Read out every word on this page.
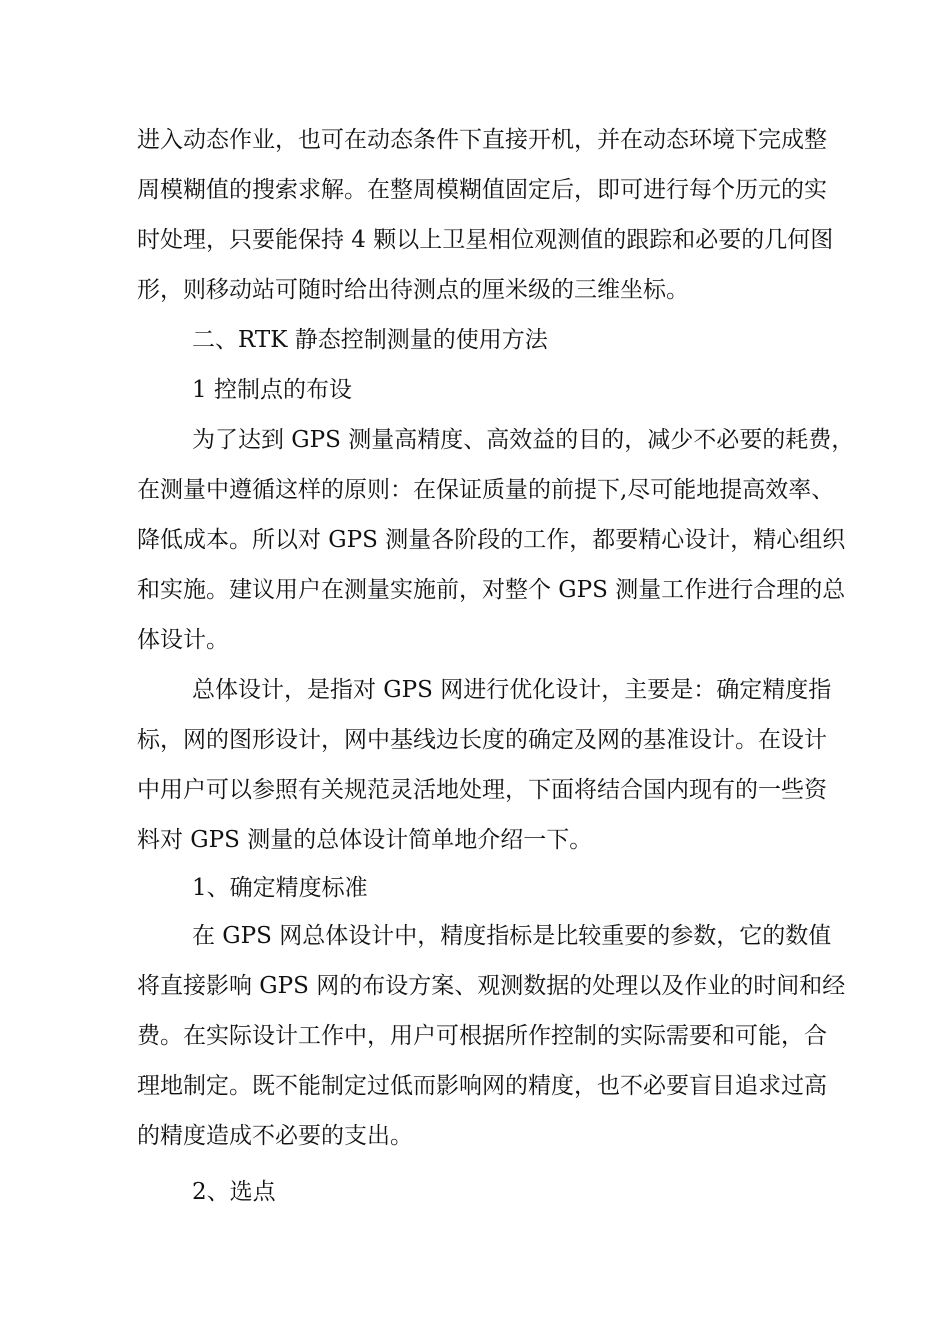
进入动态作业，也可在动态条件下直接开机，并在动态环境下完成整
周模糊值的搜索求解。在整周模糊值固定后，即可进行每个历元的实
时处理，只要能保持 4 颗以上卫星相位观测值的跟踪和必要的几何图
形，则移动站可随时给出待测点的厘米级的三维坐标。
二、RTK 静态控制测量的使用方法
1 控制点的布设
为了达到 GPS 测量高精度、高效益的目的，减少不必要的耗费，
在测量中遵循这样的原则：在保证质量的前提下,尽可能地提高效率、
降低成本。所以对 GPS 测量各阶段的工作，都要精心设计，精心组织
和实施。建议用户在测量实施前，对整个 GPS 测量工作进行合理的总
体设计。
总体设计，是指对 GPS 网进行优化设计，主要是：确定精度指
标，网的图形设计，网中基线边长度的确定及网的基准设计。在设计
中用户可以参照有关规范灵活地处理，下面将结合国内现有的一些资
料对 GPS 测量的总体设计简单地介绍一下。
1、确定精度标准
在 GPS 网总体设计中，精度指标是比较重要的参数，它的数值
将直接影响 GPS 网的布设方案、观测数据的处理以及作业的时间和经
费。在实际设计工作中，用户可根据所作控制的实际需要和可能，合
理地制定。既不能制定过低而影响网的精度，也不必要盲目追求过高
的精度造成不必要的支出。
2、选点
